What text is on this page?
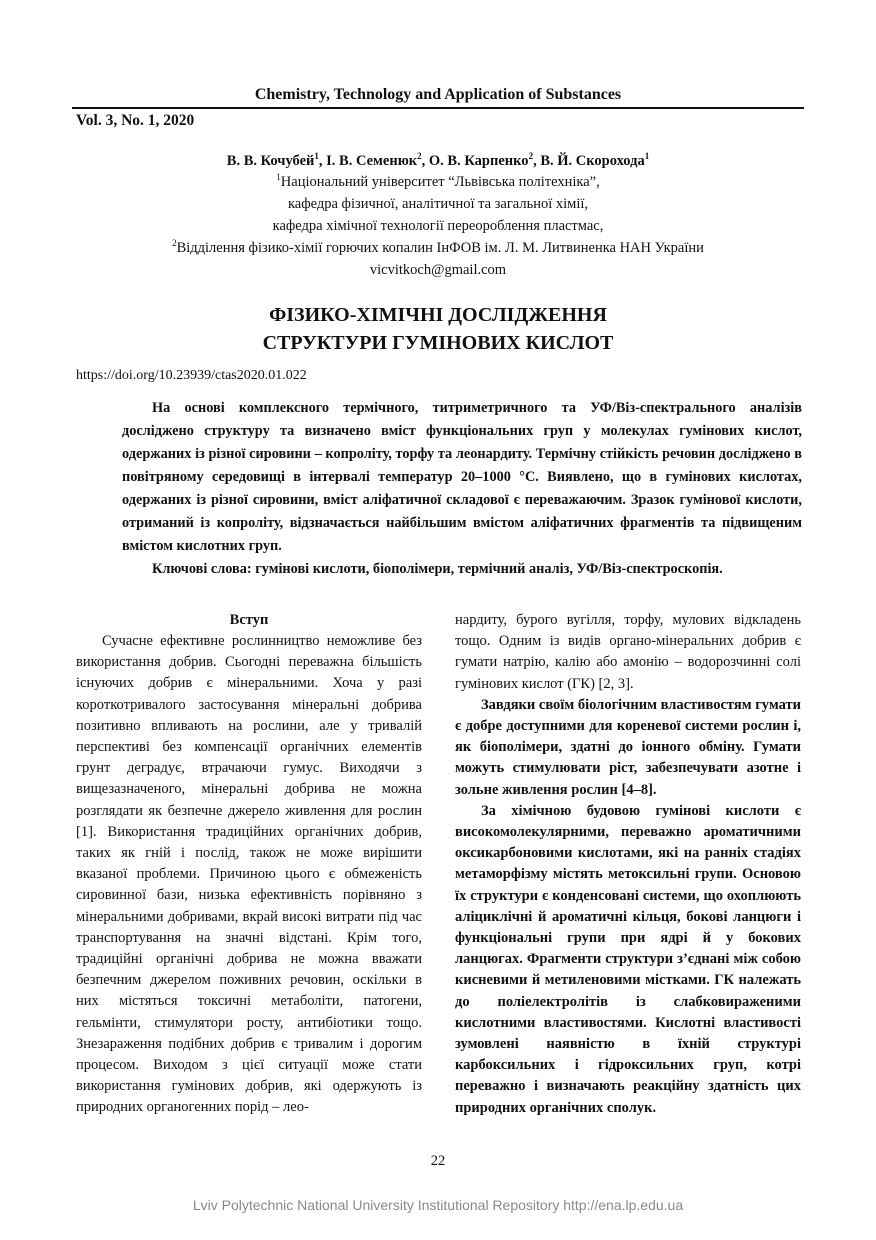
Chemistry, Technology and Application of Substances
Vol. 3, No. 1, 2020
В. В. Кочубей$^1$, І. В. Семенюк$^2$, О. В. Карпенко$^2$, В. Й. Скорохода$^1$
$^1$Національний університет “Львівська політехніка”,
кафедра фізичної, аналітичної та загальної хімії,
кафедра хімічної технології переороблення пластмас,
$^2$Відділення фізико-хімії горючих копалин ІнФОВ ім. Л. М. Литвиненка НАН України
vicvitkoch@gmail.com
ФІЗИКО-ХІМІЧНІ ДОСЛІДЖЕННЯ
СТРУКТУРИ ГУМІНОВИХ КИСЛОТ
https://doi.org/10.23939/ctas2020.01.022

На основі комплексного термічного, титриметричного та УФ/Віз-спектрального аналізів досліджено структуру та визначено вміст функціональних груп у молекулах гумінових кислот, одержаних із різної сировини – копроліту, торфу та леонардиту. Термічну стійкість речовин досліджено в повітряному середовищі в інтервалі температур 20–1000 °С. Виявлено, що в гумінових кислотах, одержаних із різної сировини, вміст аліфатичної складової є переважаючим. Зразок гумінової кислоти, отриманий із копроліту, відзначається найбільшим вмістом аліфатичних фрагментів та підвищеним вмістом кислотних груп.

Ключові слова: гумінові кислоти, біополімери, термічний аналіз, УФ/Віз-спектроскопія.

Вступ

Сучасне ефективне рослинництво неможливе без використання добрив. Сьогодні переважна більшість існуючих добрив є мінеральними. Хоча у разі короткотривалого застосування мінеральні добрива позитивно впливають на рослини, але у тривалій перспективі без компенсації органічних елементів грунт деградує, втрачаючи гумус. Виходячи з вищезазначеного, мінеральні добрива не можна розглядати як безпечне джерело живлення для рослин [1]. Використання традиційних органічних добрив, таких як гній і послід, також не може вирішити вказаної проблеми. Причиною цього є обмеженість сировинної бази, низька ефективність порівняно з мінеральними добривами, вкрай високі витрати під час транспортування на значні відстані. Крім того, традиційні органічні добрива не можна вважати безпечним джерелом поживних речовин, оскільки в них містяться токсичні метаболіти, патогени, гельмінти, стимулятори росту, антибіотики тощо. Знезараження подібних добрив є тривалим і дорогим процесом. Виходом з цієї ситуації може стати використання гумінових добрив, які одержують із природних органогенних порід – лео-

нардиту, бурого вугілля, торфу, мулових відкладень тощо. Одним із видів органо-мінеральних добрив є гумати натрію, калію або амонію – водорозчинні солі гумінових кислот (ГК) [2, 3].

Завдяки своїм біологічним властивостям гумати є добре доступними для кореневої системи рослин і, як біополімери, здатні до іонного обміну. Гумати можуть стимулювати ріст, забезпечувати азотне і зольне живлення рослин [4–8].

За хімічною будовою гумінові кислоти є високомолекулярними, переважно ароматичними оксикарбоновими кислотами, які на ранніх стадіях метаморфізму містять метоксильні групи. Основою їх структури є конденсовані системи, що охоплюють аліциклічні й ароматичні кільця, бокові ланцюги і функціональні групи при ядрі й у бокових ланцюгах. Фрагменти структури з’єднані між собою кисневими й метиленовими містками. ГК належать до поліелектролітів із слабковираженими кислотними властивостями. Кислотні властивості зумовлені наявністю в їхній структурі карбоксильних і гідроксильних груп, котрі переважно і визначають реакційну здатність цих природних органічних сполук.

22
Lviv Polytechnic National University Institutional Repository http://ena.lp.edu.ua
